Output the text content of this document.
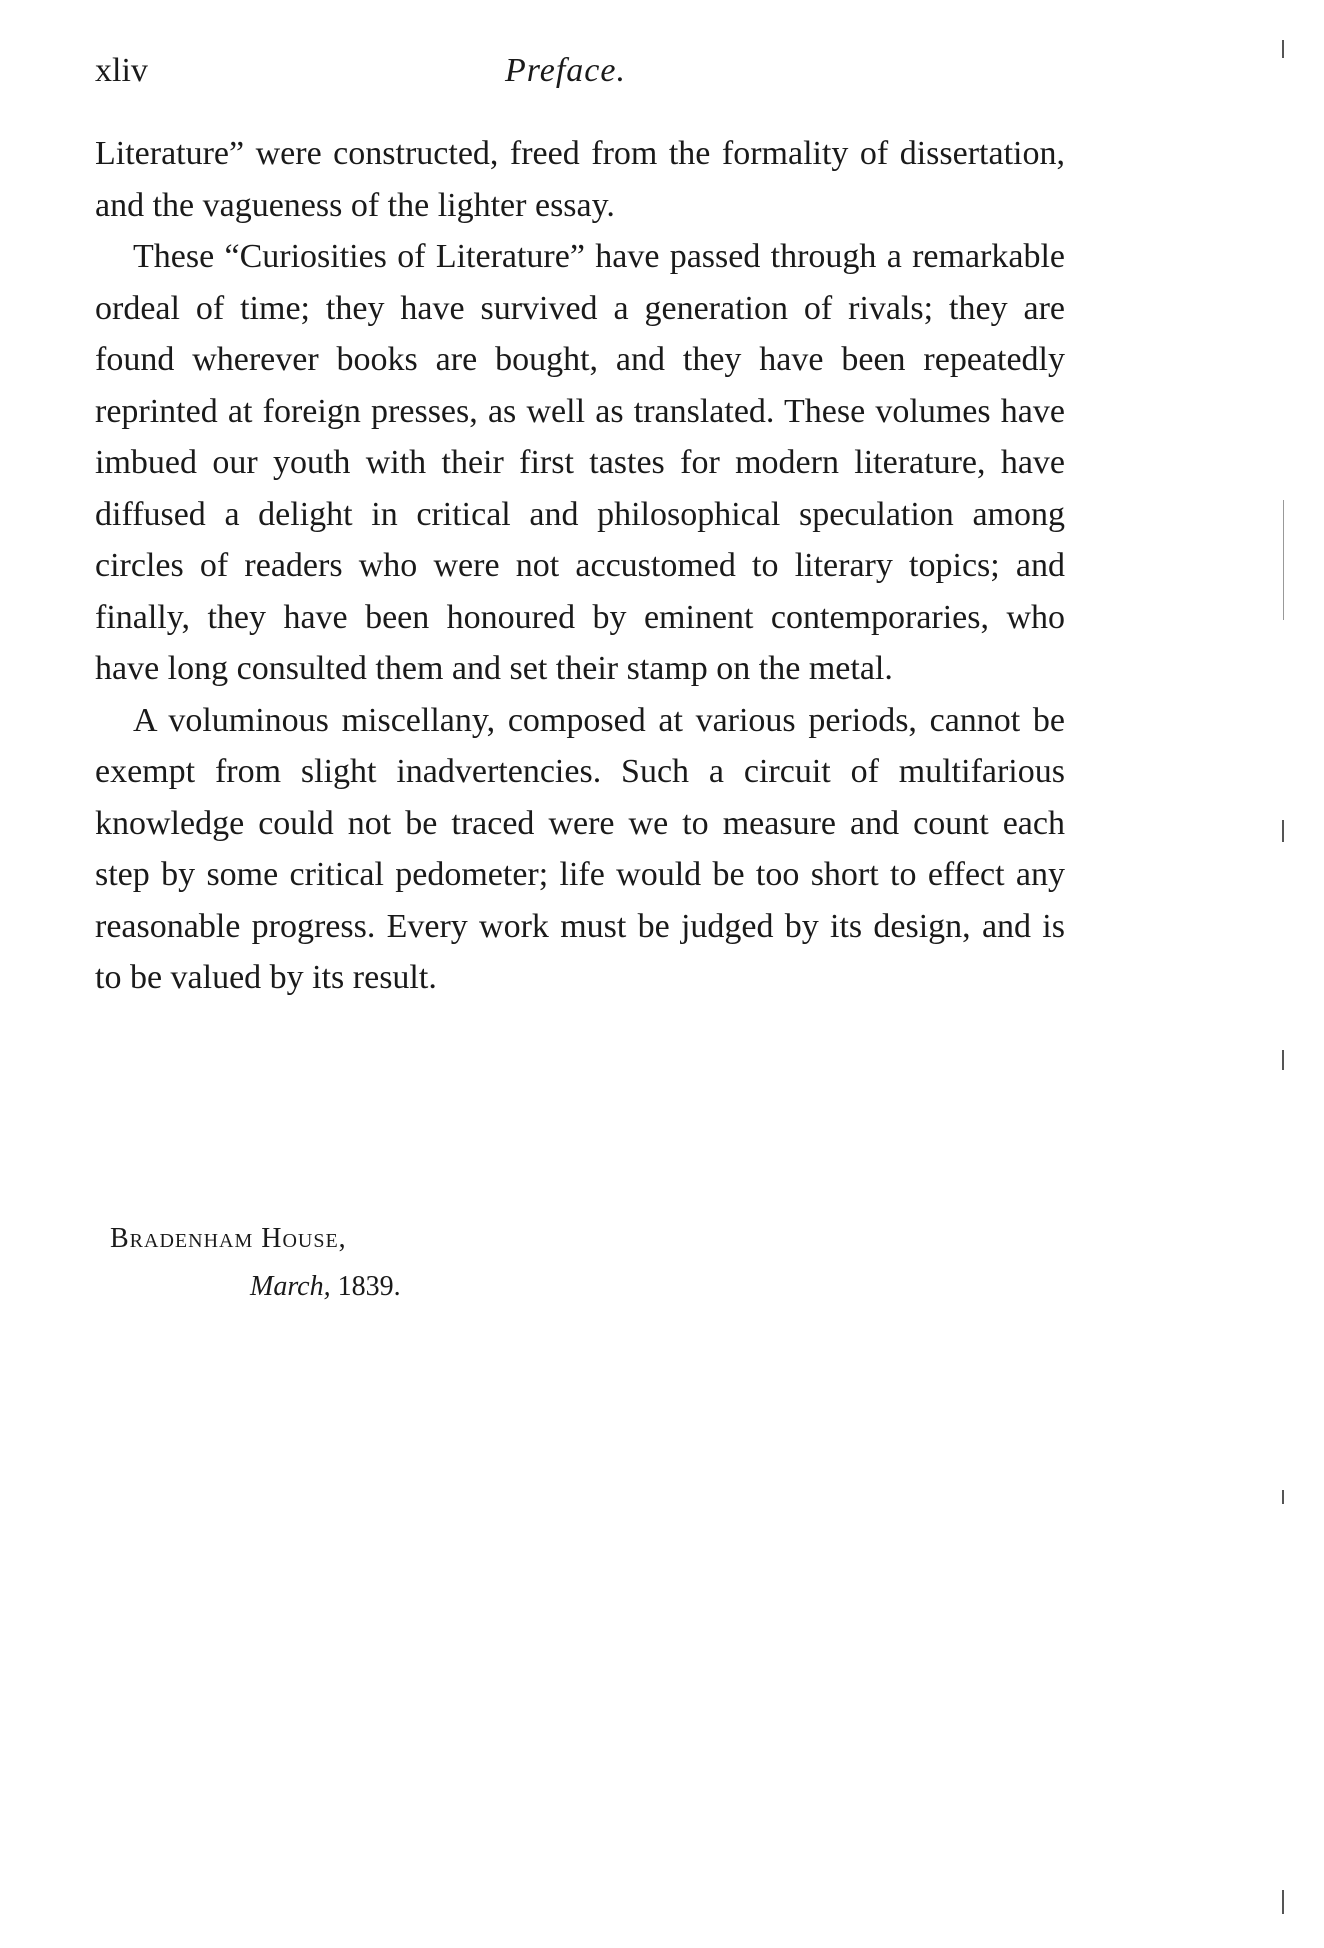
xliv	Preface.

Literature” were constructed, freed from the formality of dissertation, and the vagueness of the lighter essay.

These “Curiosities of Literature” have passed through a remarkable ordeal of time; they have survived a generation of rivals; they are found wherever books are bought, and they have been repeatedly reprinted at foreign presses, as well as translated. These volumes have imbued our youth with their first tastes for modern literature, have diffused a delight in critical and philosophical speculation among circles of readers who were not accustomed to literary topics; and finally, they have been honoured by eminent contemporaries, who have long consulted them and set their stamp on the metal.

A voluminous miscellany, composed at various periods, cannot be exempt from slight inadvertencies. Such a circuit of multifarious knowledge could not be traced were we to measure and count each step by some critical pedometer; life would be too short to effect any reasonable progress. Every work must be judged by its design, and is to be valued by its result.

Bradenham House,
March, 1839.
